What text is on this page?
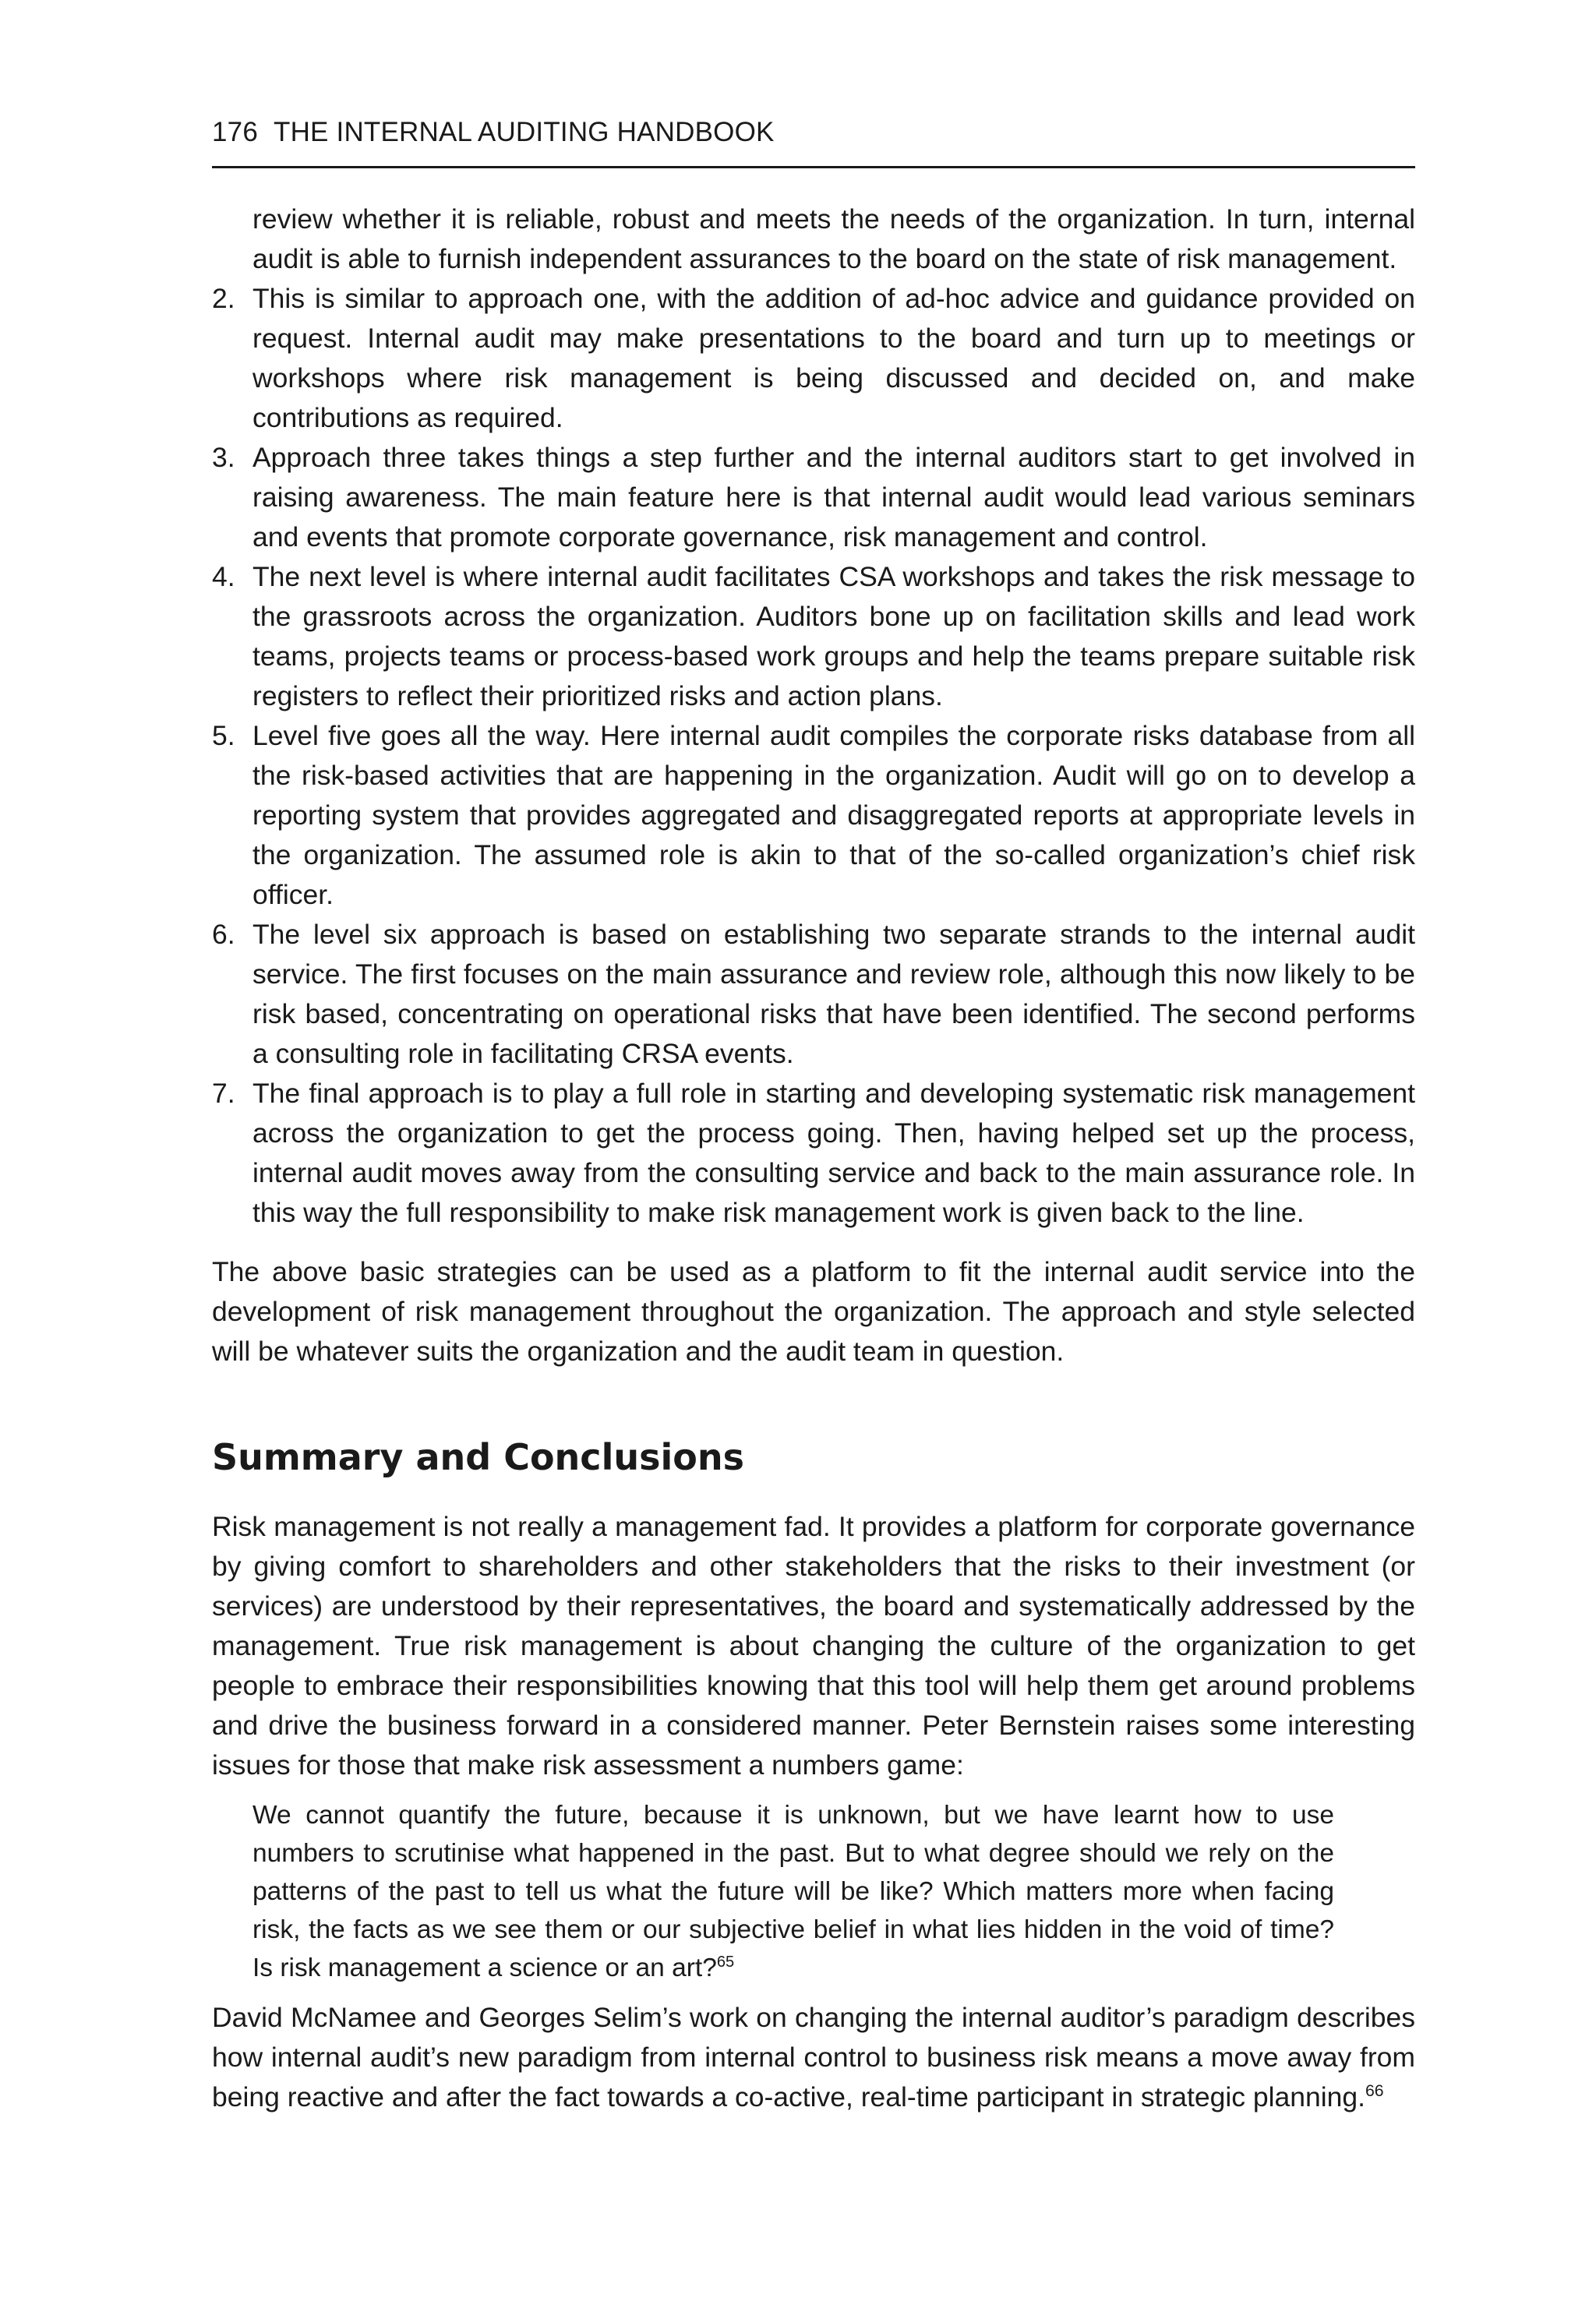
176 THE INTERNAL AUDITING HANDBOOK

review whether it is reliable, robust and meets the needs of the organization. In turn, internal audit is able to furnish independent assurances to the board on the state of risk management.

2. This is similar to approach one, with the addition of ad-hoc advice and guidance provided on request. Internal audit may make presentations to the board and turn up to meetings or workshops where risk management is being discussed and decided on, and make contributions as required.
3. Approach three takes things a step further and the internal auditors start to get involved in raising awareness. The main feature here is that internal audit would lead various seminars and events that promote corporate governance, risk management and control.
4. The next level is where internal audit facilitates CSA workshops and takes the risk message to the grassroots across the organization. Auditors bone up on facilitation skills and lead work teams, projects teams or process-based work groups and help the teams prepare suitable risk registers to reflect their prioritized risks and action plans.
5. Level five goes all the way. Here internal audit compiles the corporate risks database from all the risk-based activities that are happening in the organization. Audit will go on to develop a reporting system that provides aggregated and disaggregated reports at appropriate levels in the organization. The assumed role is akin to that of the so-called organization’s chief risk officer.
6. The level six approach is based on establishing two separate strands to the internal audit service. The first focuses on the main assurance and review role, although this now likely to be risk based, concentrating on operational risks that have been identified. The second performs a consulting role in facilitating CRSA events.
7. The final approach is to play a full role in starting and developing systematic risk management across the organization to get the process going. Then, having helped set up the process, internal audit moves away from the consulting service and back to the main assurance role. In this way the full responsibility to make risk management work is given back to the line.

The above basic strategies can be used as a platform to fit the internal audit service into the development of risk management throughout the organization. The approach and style selected will be whatever suits the organization and the audit team in question.

Summary and Conclusions

Risk management is not really a management fad. It provides a platform for corporate governance by giving comfort to shareholders and other stakeholders that the risks to their investment (or services) are understood by their representatives, the board and systematically addressed by the management. True risk management is about changing the culture of the organization to get people to embrace their responsibilities knowing that this tool will help them get around problems and drive the business forward in a considered manner. Peter Bernstein raises some interesting issues for those that make risk assessment a numbers game:

We cannot quantify the future, because it is unknown, but we have learnt how to use numbers to scrutinise what happened in the past. But to what degree should we rely on the patterns of the past to tell us what the future will be like? Which matters more when facing risk, the facts as we see them or our subjective belief in what lies hidden in the void of time? Is risk management a science or an art?$^{65}$

David McNamee and Georges Selim’s work on changing the internal auditor’s paradigm describes how internal audit’s new paradigm from internal control to business risk means a move away from being reactive and after the fact towards a co-active, real-time participant in strategic planning.$^{66}$
